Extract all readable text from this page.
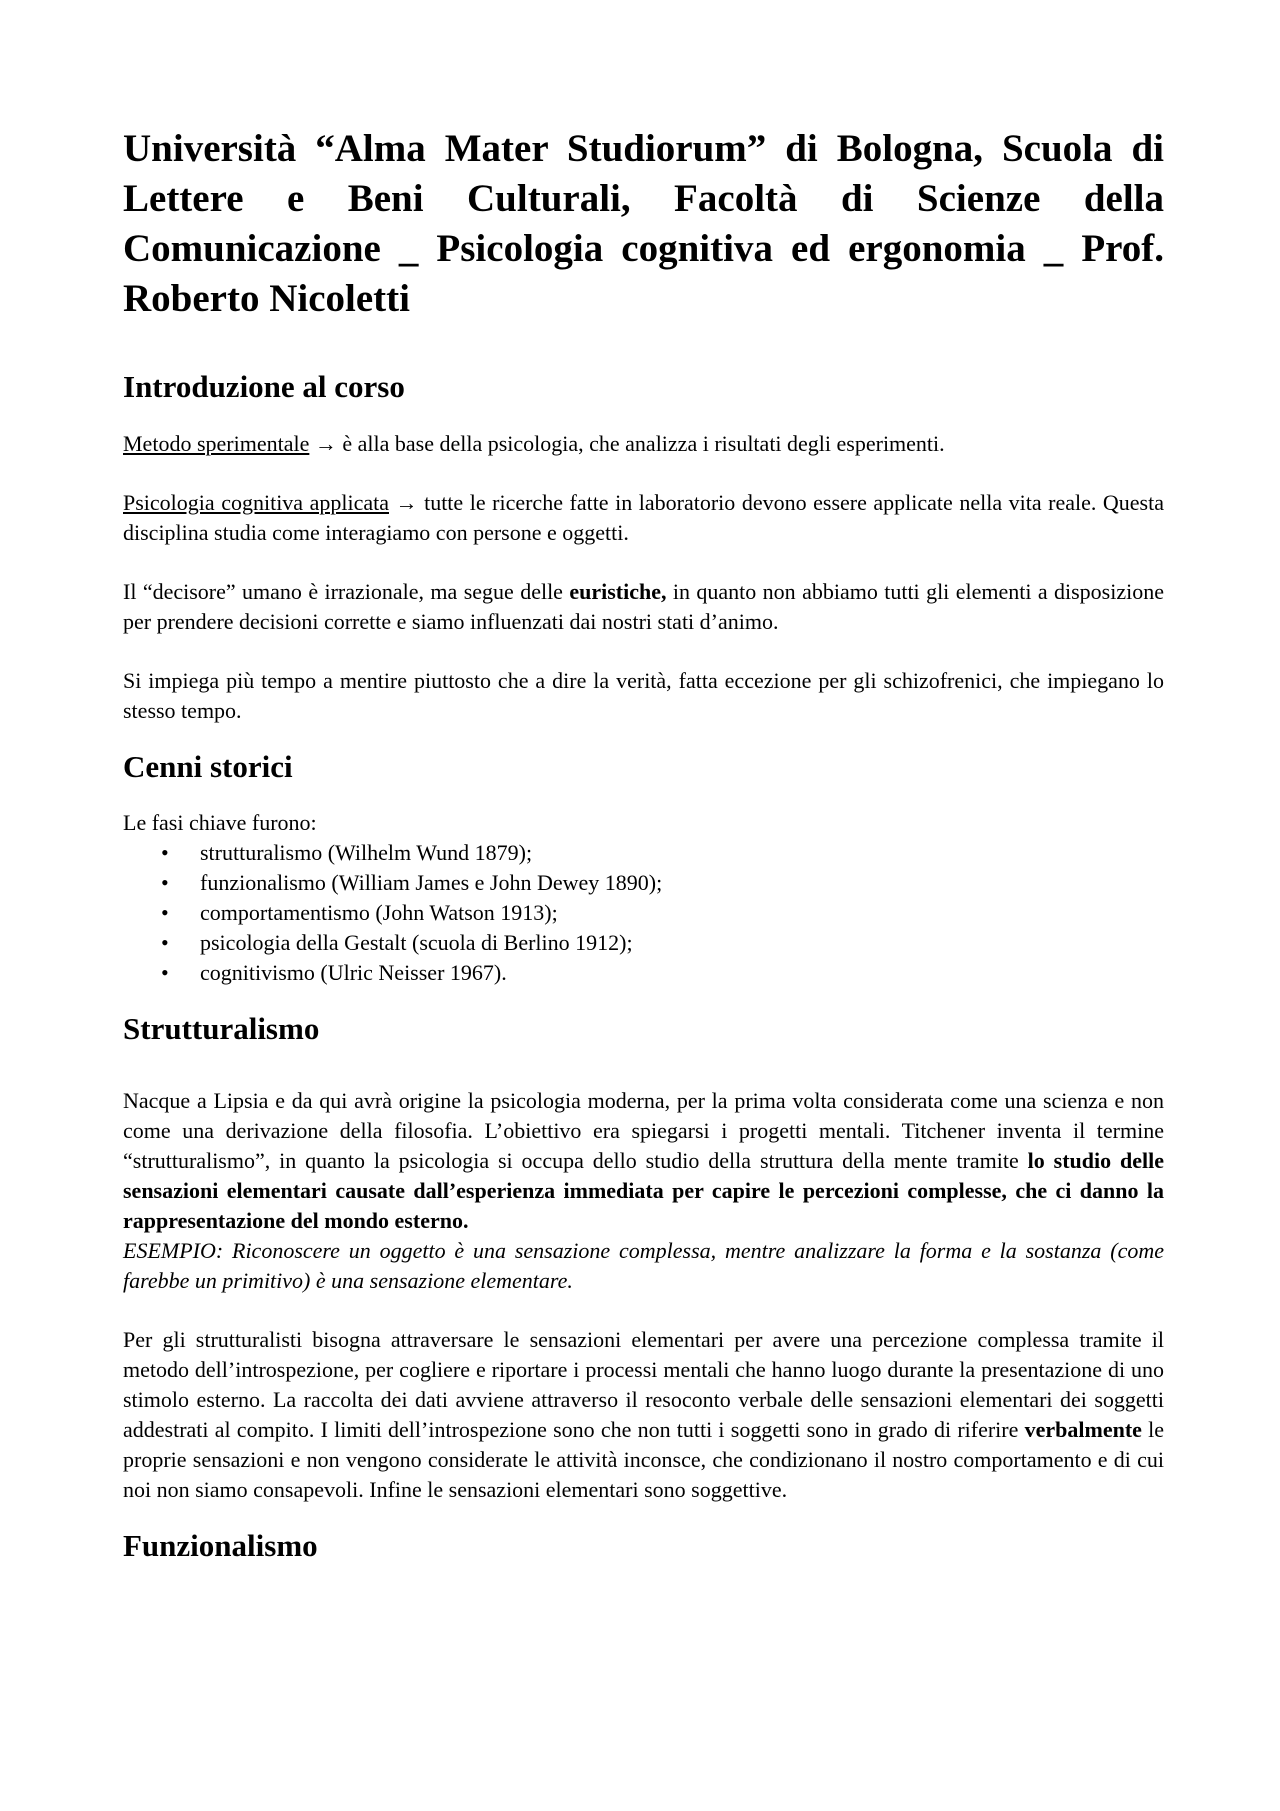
Università “Alma Mater Studiorum” di Bologna, Scuola di Lettere e Beni Culturali, Facoltà di Scienze della Comunicazione _ Psicologia cognitiva ed ergonomia _ Prof. Roberto Nicoletti
Introduzione al corso

Metodo sperimentale → è alla base della psicologia, che analizza i risultati degli esperimenti.

Psicologia cognitiva applicata → tutte le ricerche fatte in laboratorio devono essere applicate nella vita reale. Questa disciplina studia come interagiamo con persone e oggetti.

Il “decisore” umano è irrazionale, ma segue delle euristiche, in quanto non abbiamo tutti gli elementi a disposizione per prendere decisioni corrette e siamo influenzati dai nostri stati d’animo.

Si impiega più tempo a mentire piuttosto che a dire la verità, fatta eccezione per gli schizofrenici, che impiegano lo stesso tempo.

Cenni storici

Le fasi chiave furono:

• strutturalismo (Wilhelm Wund 1879);
• funzionalismo (William James e John Dewey 1890);
• comportamentismo (John Watson 1913);
• psicologia della Gestalt (scuola di Berlino 1912);
• cognitivismo (Ulric Neisser 1967).
Strutturalismo

Nacque a Lipsia e da qui avrà origine la psicologia moderna, per la prima volta considerata come una scienza e non come una derivazione della filosofia. L’obiettivo era spiegarsi i progetti mentali. Titchener inventa il termine “strutturalismo”, in quanto la psicologia si occupa dello studio della struttura della mente tramite lo studio delle sensazioni elementari causate dall’esperienza immediata per capire le percezioni complesse, che ci danno la rappresentazione del mondo esterno.

ESEMPIO: Riconoscere un oggetto è una sensazione complessa, mentre analizzare la forma e la sostanza (come farebbe un primitivo) è una sensazione elementare.

Per gli strutturalisti bisogna attraversare le sensazioni elementari per avere una percezione complessa tramite il metodo dell’introspezione, per cogliere e riportare i processi mentali che hanno luogo durante la presentazione di uno stimolo esterno. La raccolta dei dati avviene attraverso il resoconto verbale delle sensazioni elementari dei soggetti addestrati al compito. I limiti dell’introspezione sono che non tutti i soggetti sono in grado di riferire verbalmente le proprie sensazioni e non vengono considerate le attività inconsce, che condizionano il nostro comportamento e di cui noi non siamo consapevoli. Infine le sensazioni elementari sono soggettive.

Funzionalismo
